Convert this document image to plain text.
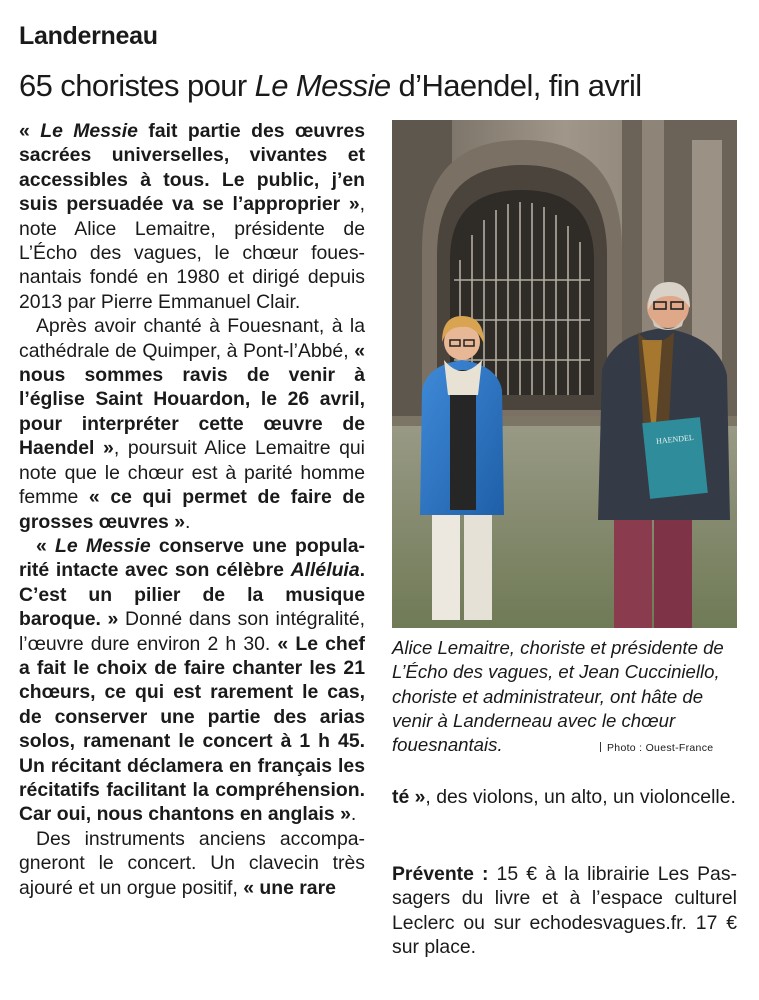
Landerneau
65 choristes pour Le Messie d’Haendel, fin avril

« Le Messie fait partie des œuvres sacrées universelles, vivantes et accessibles à tous. Le public, j’en suis persuadée va se l’approprier », note Alice Lemaitre, présidente de L’Écho des vagues, le chœur fouesnantais fondé en 1980 et dirigé depuis 2013 par Pierre Emmanuel Clair.

Après avoir chanté à Fouesnant, à la cathédrale de Quimper, à Pont-l’Abbé, « nous sommes ravis de venir à l’église Saint Houardon, le 26 avril, pour interpréter cette œuvre de Haendel », poursuit Alice Lemaitre qui note que le chœur est à parité homme femme « ce qui permet de faire de grosses œuvres ».

« Le Messie conserve une popularité intacte avec son célèbre Alléluia. C’est un pilier de la musique baroque. » Donné dans son intégralité, l’œuvre dure environ 2 h 30. « Le chef a fait le choix de faire chanter les 21 chœurs, ce qui est rarement le cas, de conserver une partie des arias solos, ramenant le concert à 1 h 45. Un récitant déclamera en français les récitatifs facilitant la compréhension. Car oui, nous chantons en anglais ».

Des instruments anciens accompagneront le concert. Un clavecin très ajouré et un orgue positif, « une rare

HAENDEL
Alice Lemaitre, choriste et présidente de L’Écho des vagues, et Jean Cucciniello, choriste et administrateur, ont hâte de venir à Landerneau avec le chœur fouesnantais.	Photo : Ouest-France

té », des violons, un alto, un violoncelle.

Prévente : 15 € à la librairie Les Passagers du livre et à l’espace culturel Leclerc ou sur echodesvagues.fr. 17 € sur place.
